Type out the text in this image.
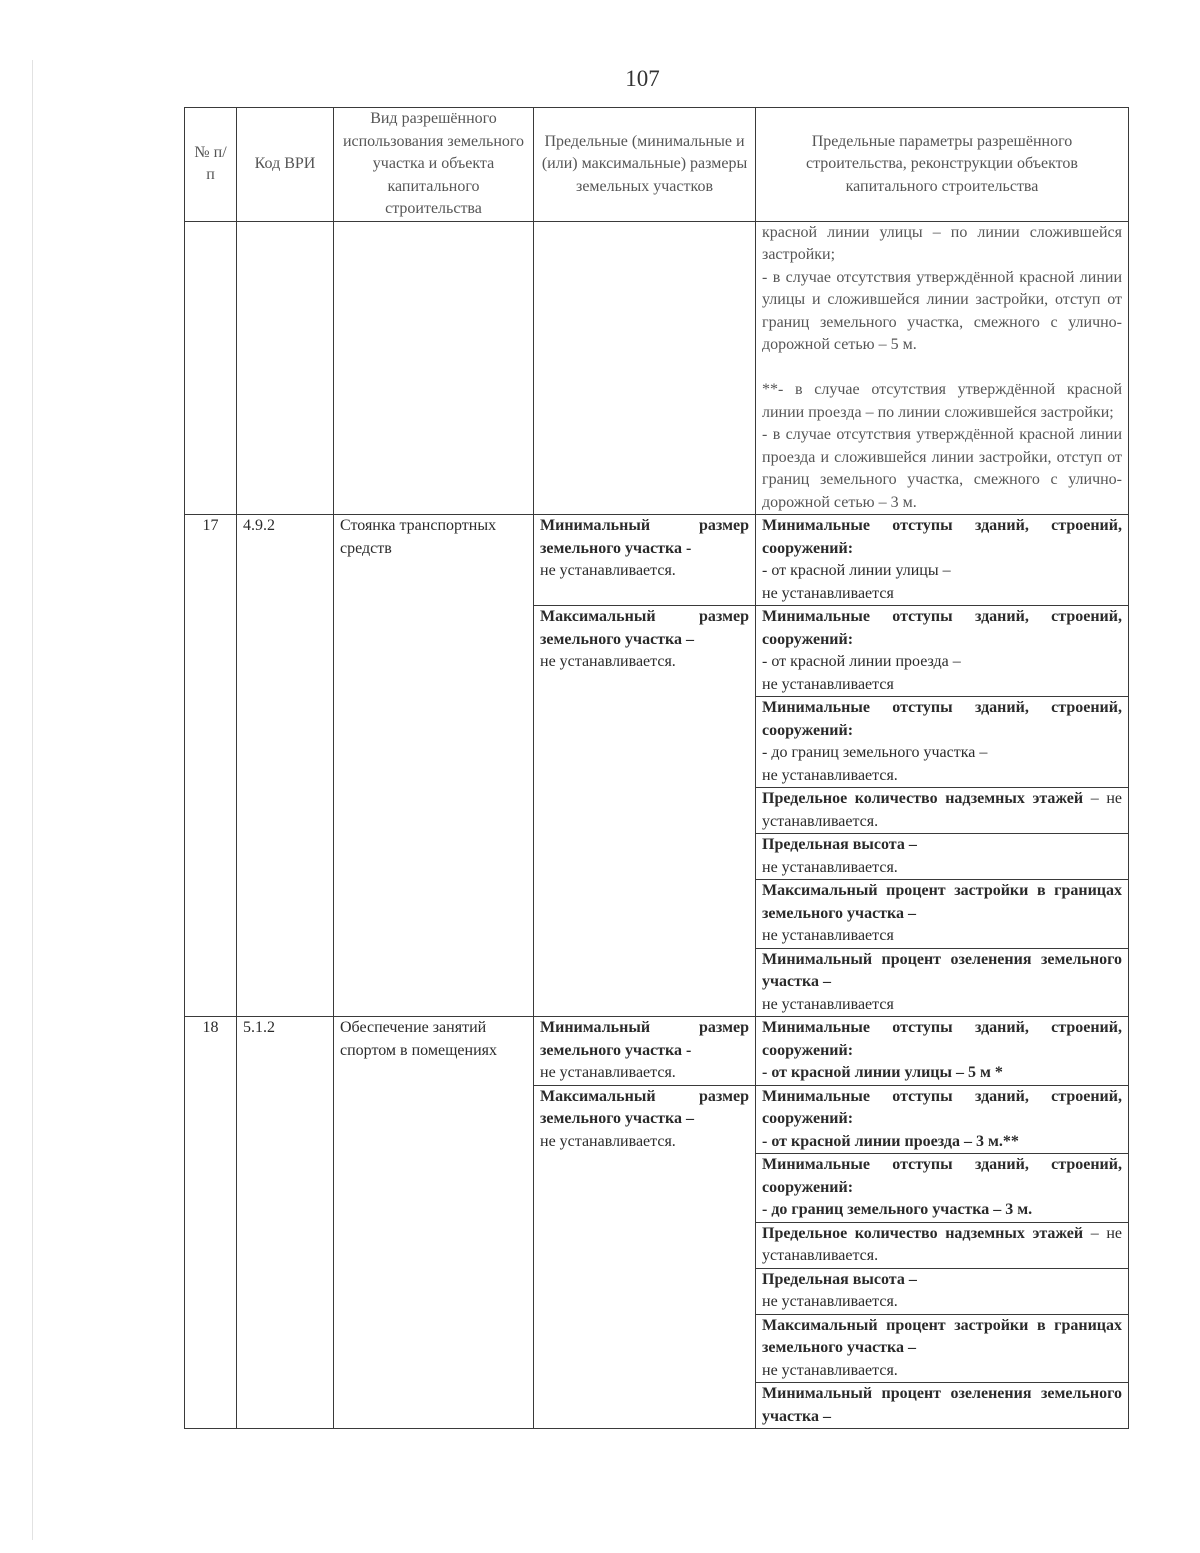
107
№ п/п	Код ВРИ	Вид разрешённого использования земельного участка и объекта капитального строительства	Предельные (минимальные и (или) максимальные) размеры земельных участков	Предельные параметры разрешённого строительства, реконструкции объектов капитального строительства

				красной линии улицы – по линии сложившейся застройки;
- в случае отсутствия утверждённой красной линии улицы и сложившейся линии застройки, отступ от границ земельного участка, смежного с улично-дорожной сетью – 5 м.
**- в случае отсутствия утверждённой красной линии проезда – по линии сложившейся застройки;
- в случае отсутствия утверждённой красной линии проезда и сложившейся линии застройки, отступ от границ земельного участка, смежного с улично-дорожной сетью – 3 м.

17	4.9.2	Стоянка транспортных средств	Минимальный размер земельного участка -
не устанавливается.	Минимальные отступы зданий, строений, сооружений:
- от красной линии улицы –
не устанавливается
			Максимальный размер земельного участка –
не устанавливается.	Минимальные отступы зданий, строений, сооружений:
- от красной линии проезда –
не устанавливается
				Минимальные отступы зданий, строений, сооружений:
- до границ земельного участка –
не устанавливается.
				Предельное количество надземных этажей – не устанавливается.
				Предельная высота –
не устанавливается.
				Максимальный процент застройки в границах земельного участка –
не устанавливается
				Минимальный процент озеленения земельного участка –
не устанавливается
18	5.1.2	Обеспечение занятий спортом в помещениях	Минимальный размер земельного участка -
не устанавливается.	Минимальные отступы зданий, строений, сооружений:
- от красной линии улицы – 5 м *
			Максимальный размер земельного участка –
не устанавливается.	Минимальные отступы зданий, строений, сооружений:
- от красной линии проезда – 3 м.**
				Минимальные отступы зданий, строений, сооружений:
- до границ земельного участка – 3 м.
				Предельное количество надземных этажей – не устанавливается.
				Предельная высота –
не устанавливается.
				Максимальный процент застройки в границах земельного участка –
не устанавливается.
				Минимальный процент озеленения земельного участка –
